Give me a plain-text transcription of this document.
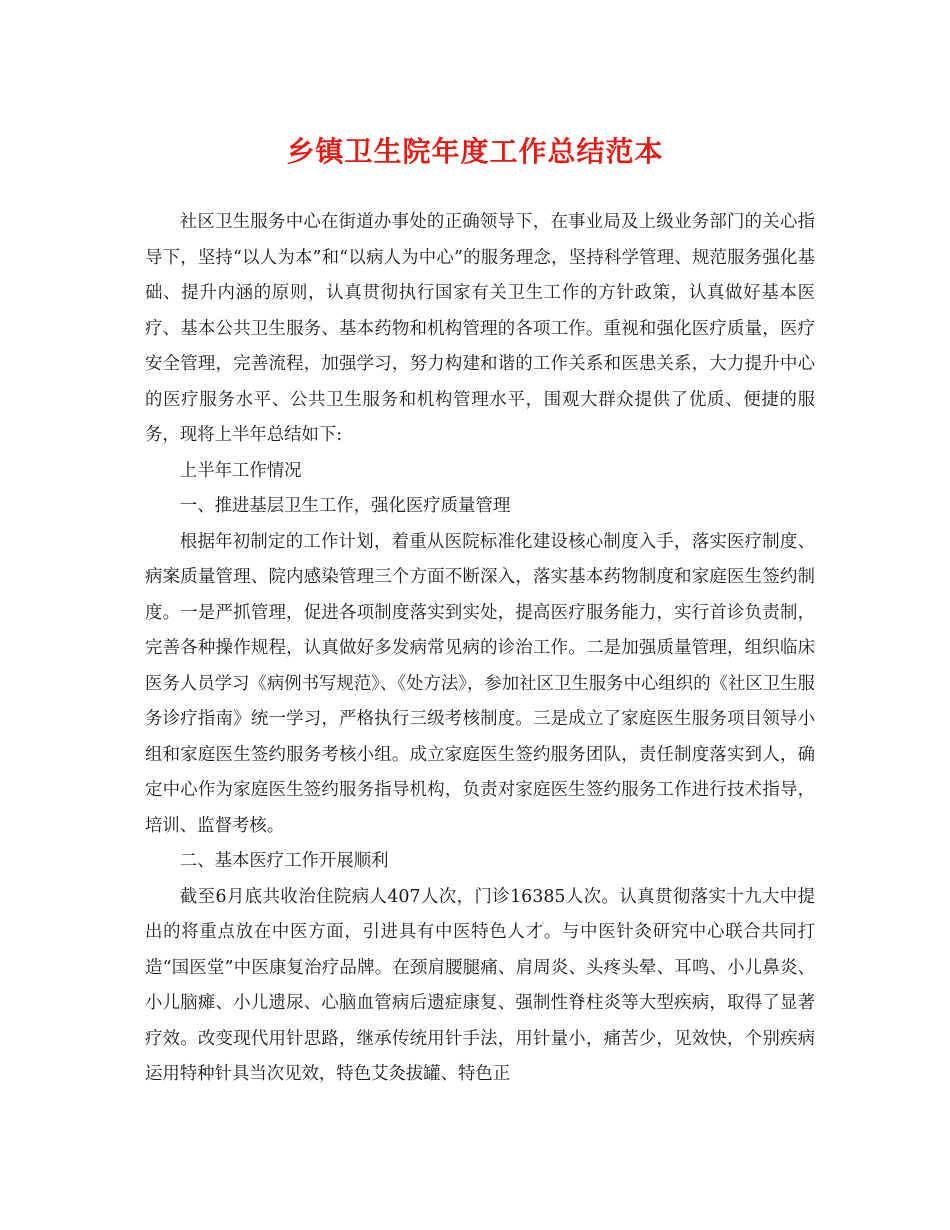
乡镇卫生院年度工作总结范本

社区卫生服务中心在街道办事处的正确领导下，在事业局及上级业务部门的关心指导下，坚持“以人为本”和“以病人为中心”的服务理念，坚持科学管理、规范服务强化基础、提升内涵的原则，认真贯彻执行国家有关卫生工作的方针政策，认真做好基本医疗、基本公共卫生服务、基本药物和机构管理的各项工作。重视和强化医疗质量，医疗安全管理，完善流程，加强学习，努力构建和谐的工作关系和医患关系，大力提升中心的医疗服务水平、公共卫生服务和机构管理水平，围观大群众提供了优质、便捷的服务，现将上半年总结如下:

上半年工作情况

一、推进基层卫生工作，强化医疗质量管理

根据年初制定的工作计划，着重从医院标准化建设核心制度入手，落实医疗制度、病案质量管理、院内感染管理三个方面不断深入，落实基本药物制度和家庭医生签约制度。一是严抓管理，促进各项制度落实到实处，提高医疗服务能力，实行首诊负责制，完善各种操作规程，认真做好多发病常见病的诊治工作。二是加强质量管理，组织临床医务人员学习《病例书写规范》、《处方法》，参加社区卫生服务中心组织的《社区卫生服务诊疗指南》统一学习，严格执行三级考核制度。三是成立了家庭医生服务项目领导小组和家庭医生签约服务考核小组。成立家庭医生签约服务团队，责任制度落实到人，确定中心作为家庭医生签约服务指导机构，负责对家庭医生签约服务工作进行技术指导，培训、监督考核。

二、基本医疗工作开展顺利

截至6月底共收治住院病人407人次，门诊16385人次。认真贯彻落实十九大中提出的将重点放在中医方面，引进具有中医特色人才。与中医针灸研究中心联合共同打造“国医堂”中医康复治疗品牌。在颈肩腰腿痛、肩周炎、头疼头晕、耳鸣、小儿鼻炎、小儿脑瘫、小儿遗尿、心脑血管病后遗症康复、强制性脊柱炎等大型疾病，取得了显著疗效。改变现代用针思路，继承传统用针手法，用针量小，痛苦少，见效快，个别疾病运用特种针具当次见效，特色艾灸拔罐、特色正
